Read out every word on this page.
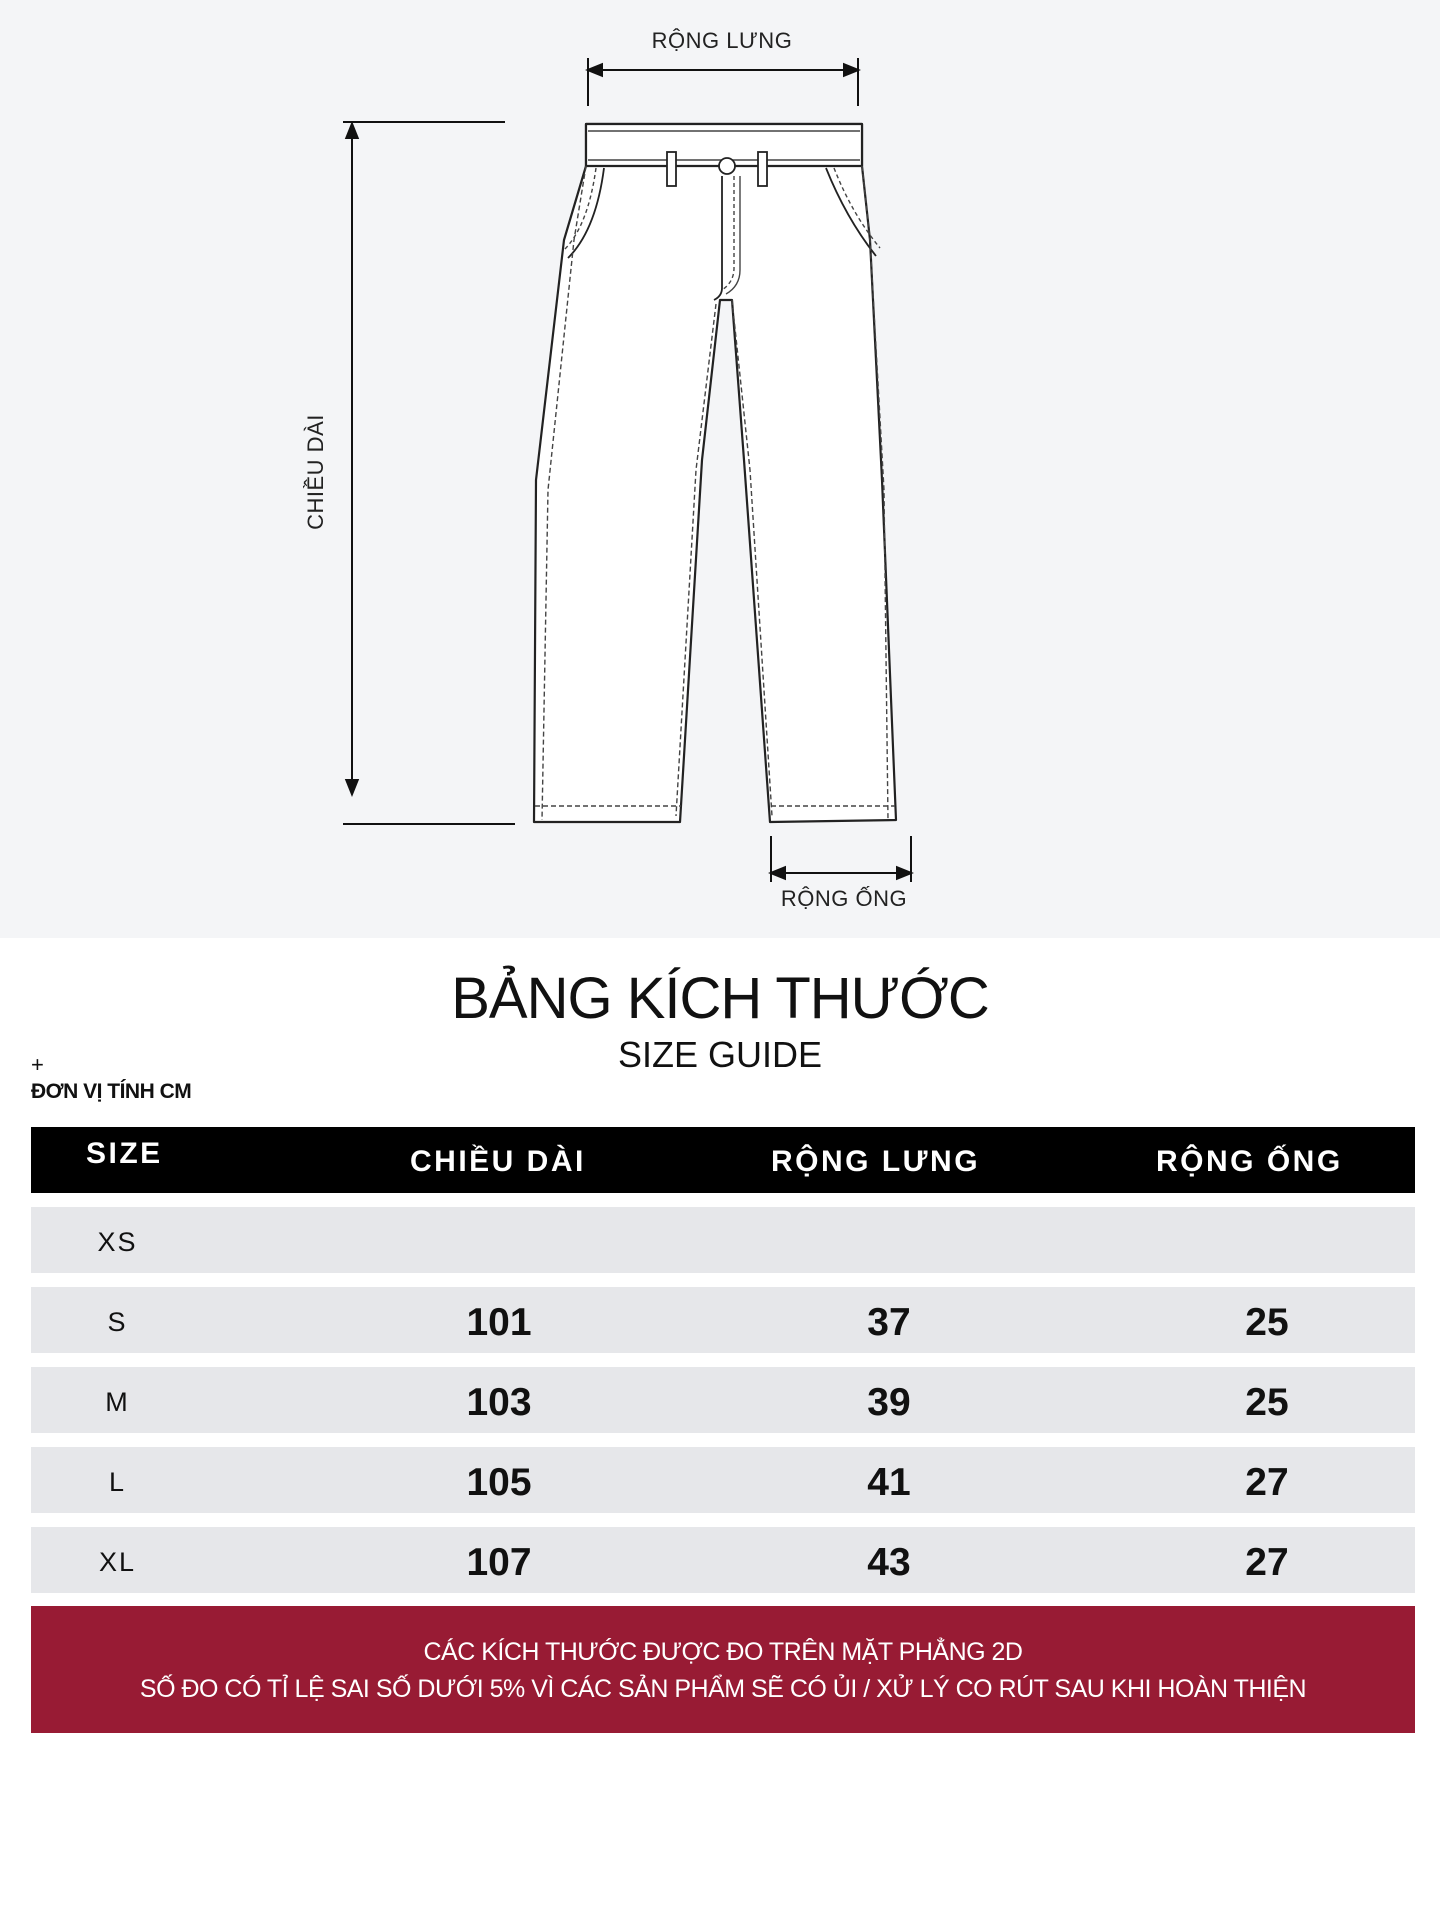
RỘNG LƯNG
CHIỀU DÀI
RỘNG ỐNG
BẢNG KÍCH THƯỚC
SIZE GUIDE
+
ĐƠN VỊ TÍNH CM
SIZE	CHIỀU DÀI	RỘNG LƯNG	RỘNG ỐNG
XS
S	101	37	25
M	103	39	25
L	105	41	27
XL	107	43	27
CÁC KÍCH THƯỚC ĐƯỢC ĐO TRÊN MẶT PHẲNG 2D
SỐ ĐO CÓ TỈ LỆ SAI SỐ DƯỚI 5% VÌ CÁC SẢN PHẨM SẼ CÓ ỦI / XỬ LÝ CO RÚT SAU KHI HOÀN THIỆN
